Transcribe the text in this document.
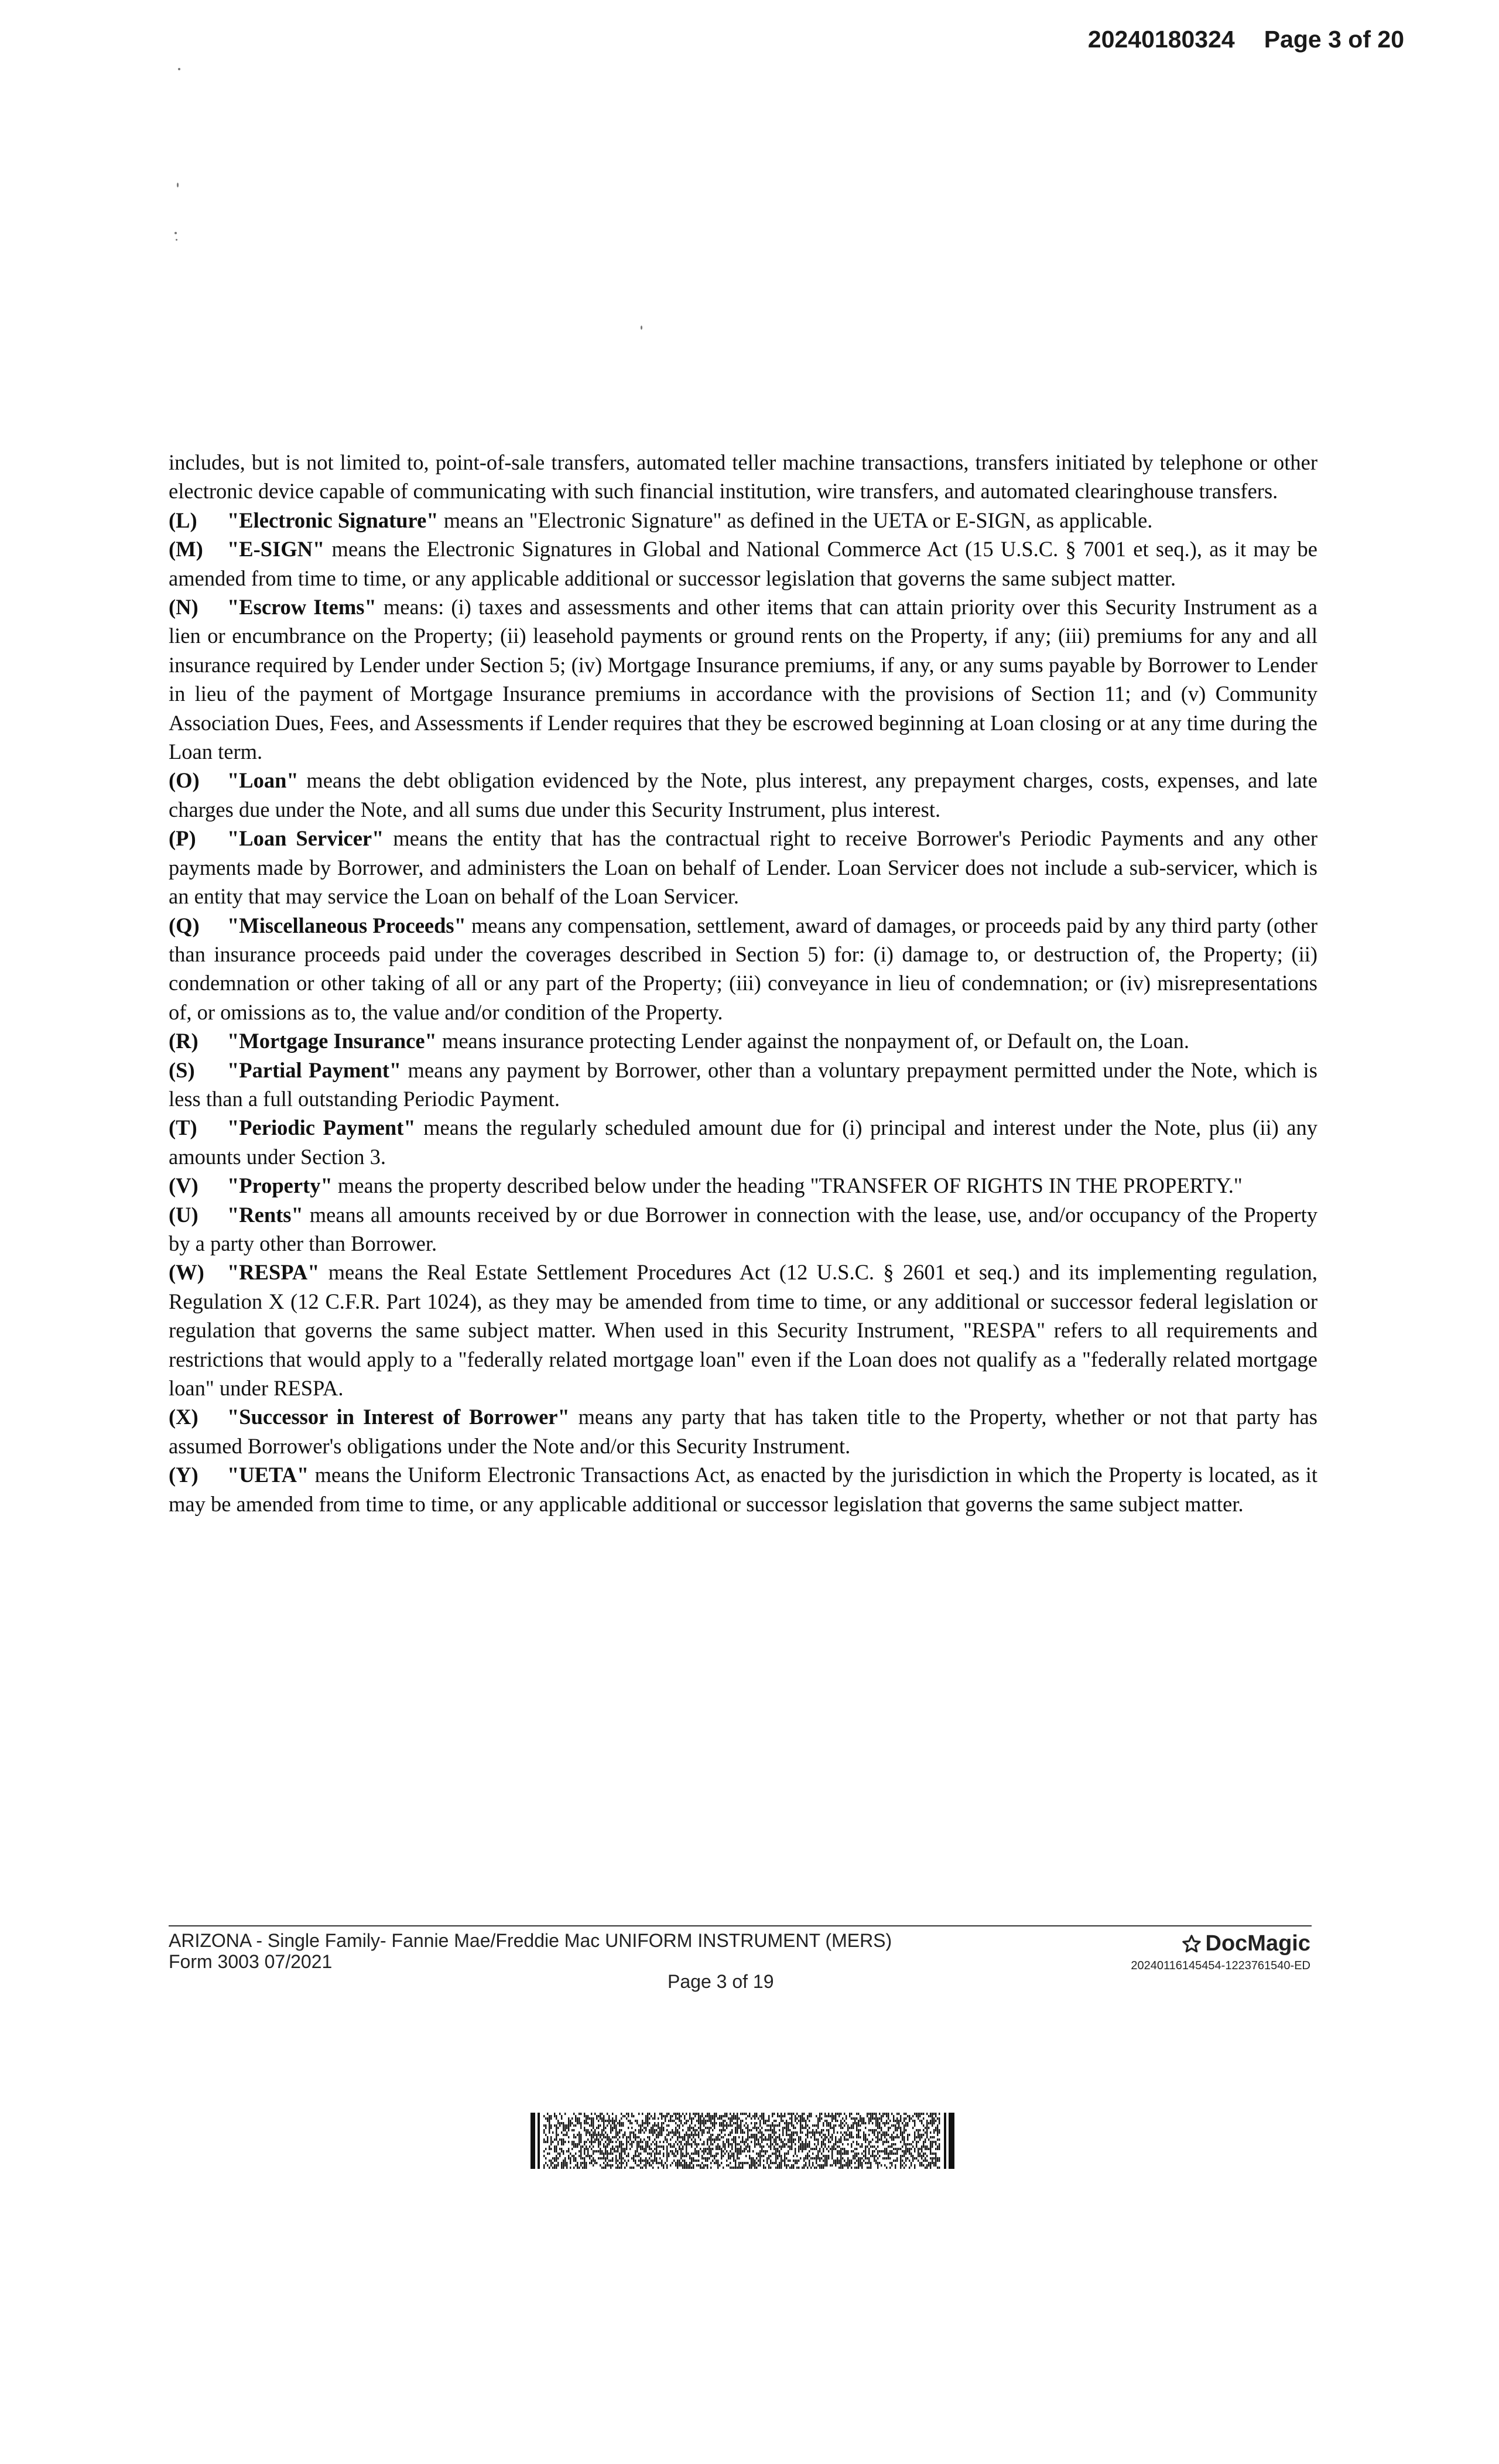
20240180324 Page 3 of 20

includes, but is not limited to, point-of-sale transfers, automated teller machine transactions, transfers initiated by telephone or other electronic device capable of communicating with such financial institution, wire transfers, and automated clearinghouse transfers.

(L) "Electronic Signature" means an "Electronic Signature" as defined in the UETA or E-SIGN, as applicable.

(M) "E-SIGN" means the Electronic Signatures in Global and National Commerce Act (15 U.S.C. § 7001 et seq.), as it may be amended from time to time, or any applicable additional or successor legislation that governs the same subject matter.

(N) "Escrow Items" means: (i) taxes and assessments and other items that can attain priority over this Security Instrument as a lien or encumbrance on the Property; (ii) leasehold payments or ground rents on the Property, if any; (iii) premiums for any and all insurance required by Lender under Section 5; (iv) Mortgage Insurance premiums, if any, or any sums payable by Borrower to Lender in lieu of the payment of Mortgage Insurance premiums in accordance with the provisions of Section 11; and (v) Community Association Dues, Fees, and Assessments if Lender requires that they be escrowed beginning at Loan closing or at any time during the Loan term.

(O) "Loan" means the debt obligation evidenced by the Note, plus interest, any prepayment charges, costs, expenses, and late charges due under the Note, and all sums due under this Security Instrument, plus interest.

(P) "Loan Servicer" means the entity that has the contractual right to receive Borrower's Periodic Payments and any other payments made by Borrower, and administers the Loan on behalf of Lender. Loan Servicer does not include a sub-servicer, which is an entity that may service the Loan on behalf of the Loan Servicer.

(Q) "Miscellaneous Proceeds" means any compensation, settlement, award of damages, or proceeds paid by any third party (other than insurance proceeds paid under the coverages described in Section 5) for: (i) damage to, or destruction of, the Property; (ii) condemnation or other taking of all or any part of the Property; (iii) conveyance in lieu of condemnation; or (iv) misrepresentations of, or omissions as to, the value and/or condition of the Property.

(R) "Mortgage Insurance" means insurance protecting Lender against the nonpayment of, or Default on, the Loan.

(S) "Partial Payment" means any payment by Borrower, other than a voluntary prepayment permitted under the Note, which is less than a full outstanding Periodic Payment.

(T) "Periodic Payment" means the regularly scheduled amount due for (i) principal and interest under the Note, plus (ii) any amounts under Section 3.

(V) "Property" means the property described below under the heading "TRANSFER OF RIGHTS IN THE PROPERTY."

(U) "Rents" means all amounts received by or due Borrower in connection with the lease, use, and/or occupancy of the Property by a party other than Borrower.

(W) "RESPA" means the Real Estate Settlement Procedures Act (12 U.S.C. § 2601 et seq.) and its implementing regulation, Regulation X (12 C.F.R. Part 1024), as they may be amended from time to time, or any additional or successor federal legislation or regulation that governs the same subject matter. When used in this Security Instrument, "RESPA" refers to all requirements and restrictions that would apply to a "federally related mortgage loan" even if the Loan does not qualify as a "federally related mortgage loan" under RESPA.

(X) "Successor in Interest of Borrower" means any party that has taken title to the Property, whether or not that party has assumed Borrower's obligations under the Note and/or this Security Instrument.

(Y) "UETA" means the Uniform Electronic Transactions Act, as enacted by the jurisdiction in which the Property is located, as it may be amended from time to time, or any applicable additional or successor legislation that governs the same subject matter.

ARIZONA - Single Family- Fannie Mae/Freddie Mac UNIFORM INSTRUMENT (MERS)
Form 3003 07/2021
Page 3 of 19
DocMagic
20240116145454-1223761540-ED
